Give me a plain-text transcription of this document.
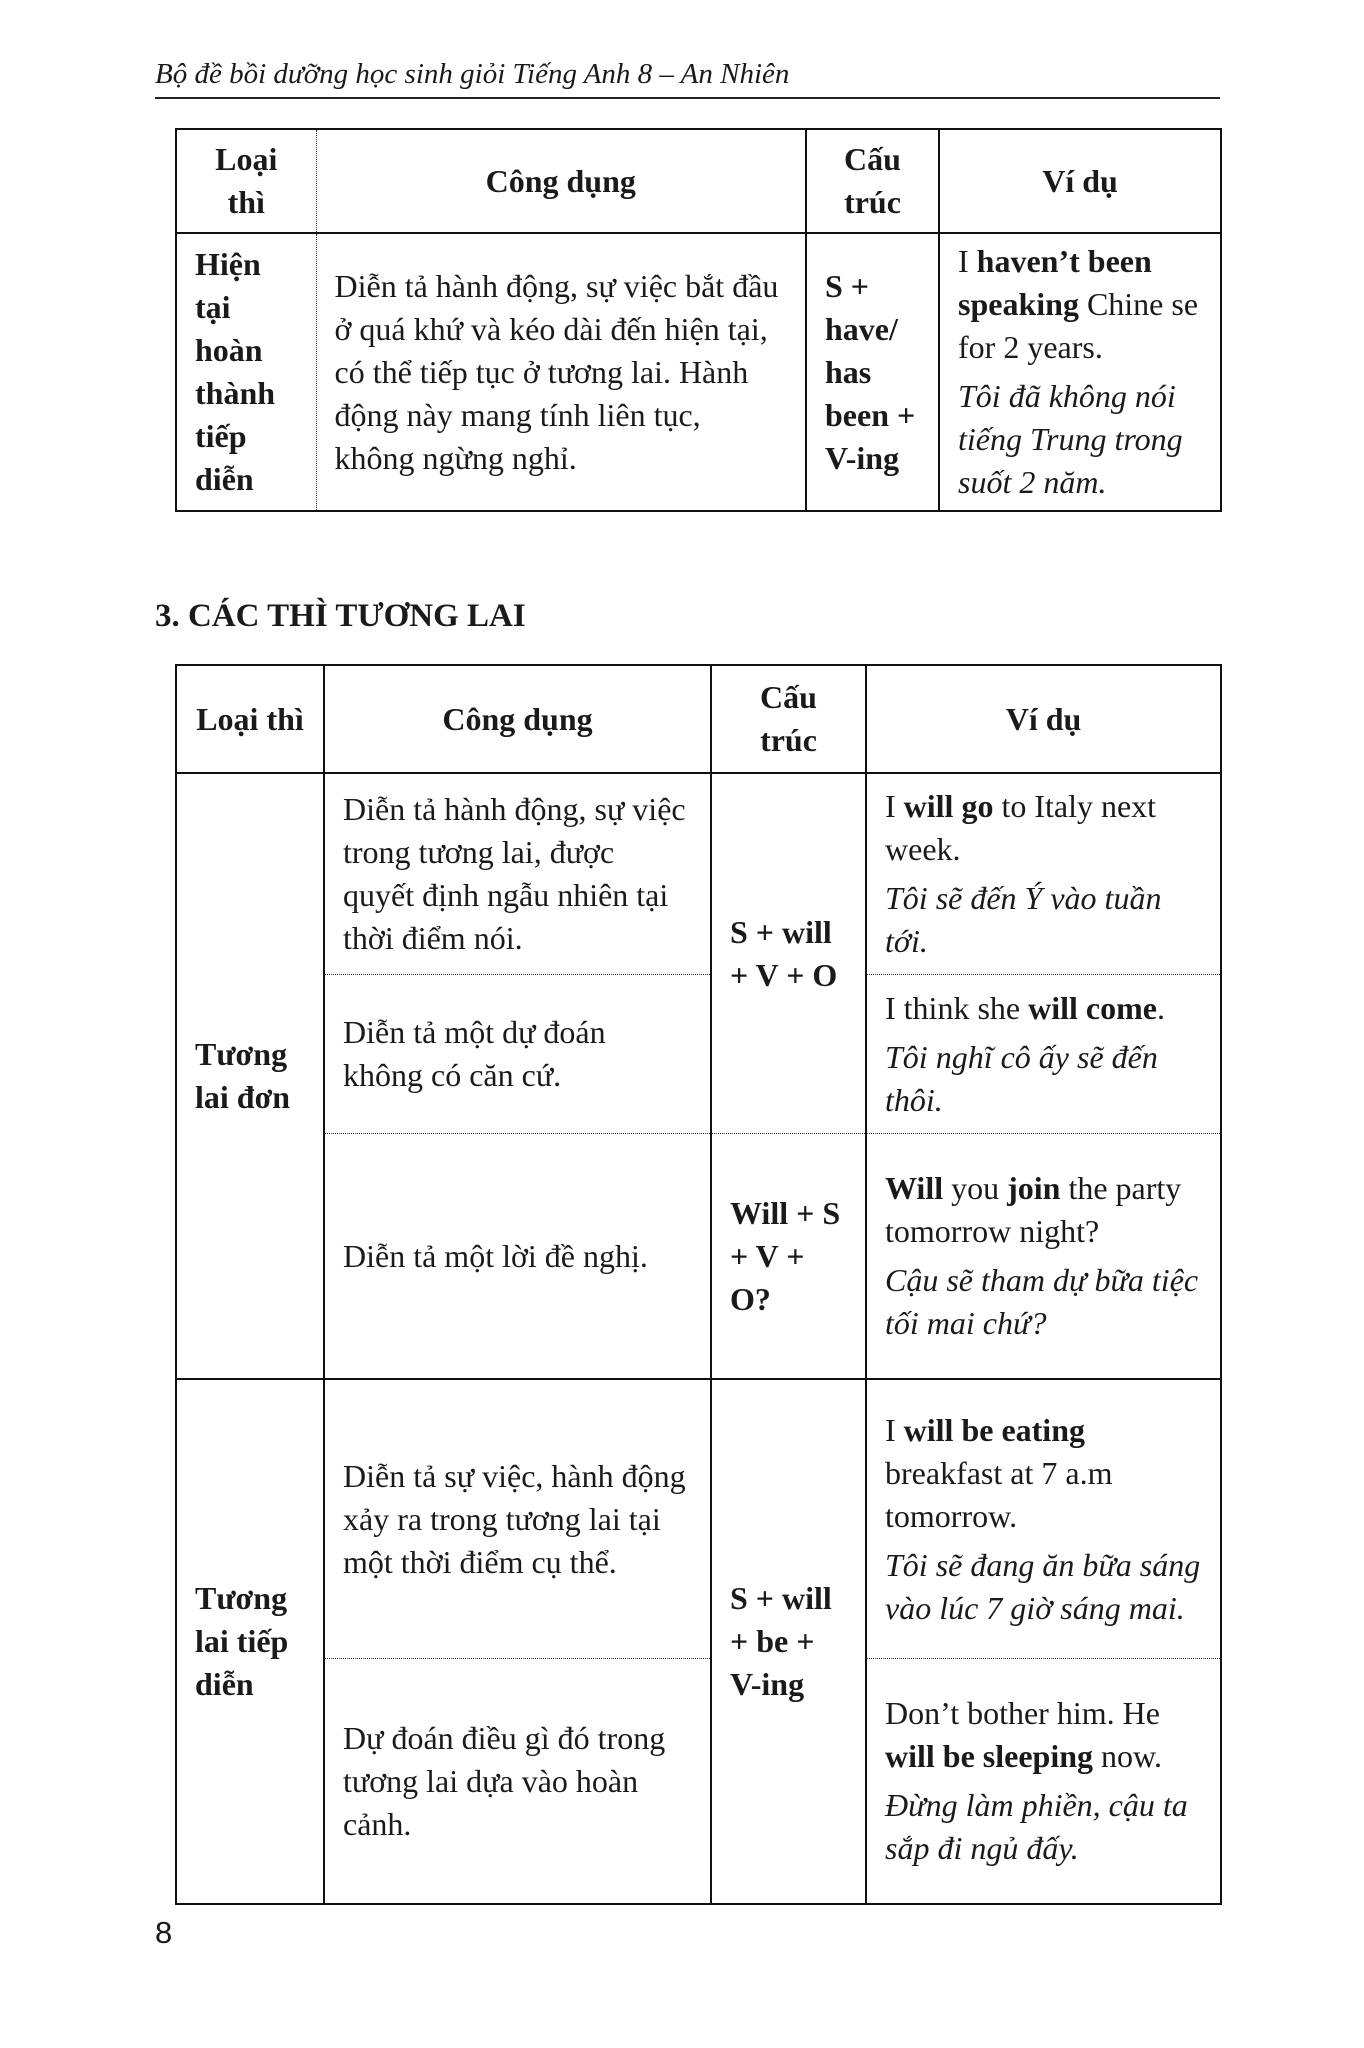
Bộ đề bồi dưỡng học sinh giỏi Tiếng Anh 8 – An Nhiên
Loại thì	Công dụng	Cấu trúc	Ví dụ
Hiện tại hoàn thành tiếp diễn	Diễn tả hành động, sự việc bắt đầu ở quá khứ và kéo dài đến hiện tại, có thể tiếp tục ở tương lai. Hành động này mang tính liên tục, không ngừng nghỉ.	S + have/ has been + V-ing	I haven’t been speaking Chine se for 2 years.
Tôi đã không nói tiếng Trung trong suốt 2 năm.
3. CÁC THÌ TƯƠNG LAI
Loại thì	Công dụng	Cấu trúc	Ví dụ
Tương lai đơn	Diễn tả hành động, sự việc trong tương lai, được quyết định ngẫu nhiên tại thời điểm nói.	S + will + V + O	I will go to Italy next week.
Tôi sẽ đến Ý vào tuần tới.

	Diễn tả một dự đoán không có căn cứ.		I think she will come.
Tôi nghĩ cô ấy sẽ đến thôi.

	Diễn tả một lời đề nghị.	Will + S + V + O?	Will you join the party tomorrow night?
Cậu sẽ tham dự bữa tiệc tối mai chứ?

Tương lai tiếp diễn	Diễn tả sự việc, hành động xảy ra trong tương lai tại một thời điểm cụ thể.	S + will + be + V-ing	I will be eating breakfast at 7 a.m tomorrow.
Tôi sẽ đang ăn bữa sáng vào lúc 7 giờ sáng mai.

	Dự đoán điều gì đó trong tương lai dựa vào hoàn cảnh.		Don’t bother him. He will be sleeping now.
Đừng làm phiền, cậu ta sắp đi ngủ đấy.
8
